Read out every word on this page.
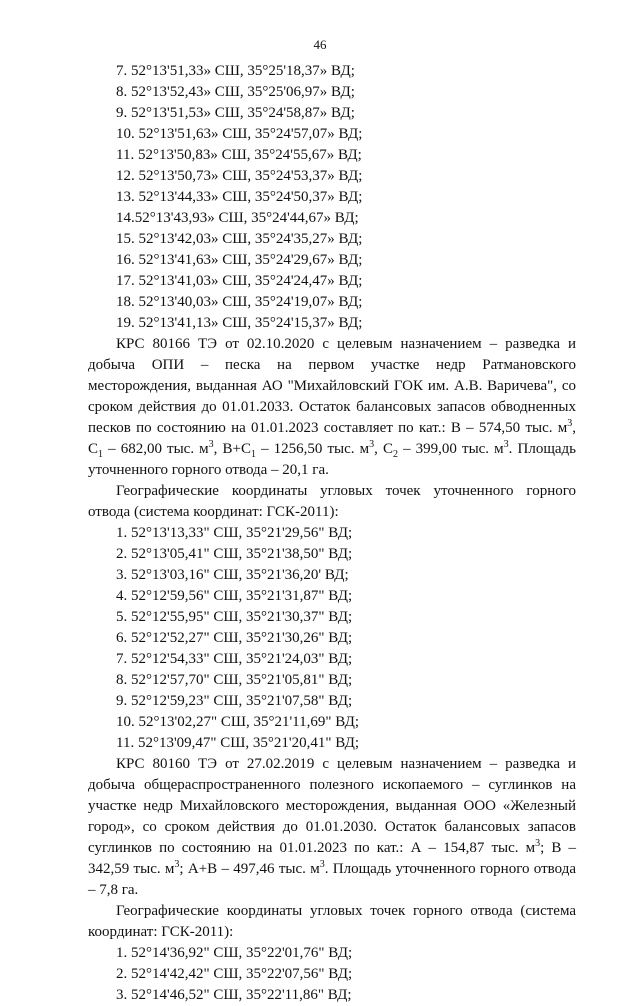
46
7. 52°13'51,33» СШ, 35°25'18,37» ВД;
8. 52°13'52,43» СШ, 35°25'06,97» ВД;
9. 52°13'51,53» СШ, 35°24'58,87» ВД;
10. 52°13'51,63» СШ, 35°24'57,07» ВД;
11. 52°13'50,83» СШ, 35°24'55,67» ВД;
12. 52°13'50,73» СШ, 35°24'53,37» ВД;
13. 52°13'44,33» СШ, 35°24'50,37» ВД;
14.52°13'43,93» СШ, 35°24'44,67» ВД;
15. 52°13'42,03» СШ, 35°24'35,27» ВД;
16. 52°13'41,63» СШ, 35°24'29,67» ВД;
17. 52°13'41,03» СШ, 35°24'24,47» ВД;
18. 52°13'40,03» СШ, 35°24'19,07» ВД;
19. 52°13'41,13» СШ, 35°24'15,37» ВД;
КРС 80166 ТЭ от 02.10.2020 с целевым назначением – разведка и добыча ОПИ – песка на первом участке недр Ратмановского месторождения, выданная АО "Михайловский ГОК им. А.В. Варичева", со сроком действия до 01.01.2033. Остаток балансовых запасов обводненных песков по состоянию на 01.01.2023 составляет по кат.: В – 574,50 тыс. $м^3$, $С_1 - 682,00$ тыс. $м^3$, $В+С_1 - 1256,50$ тыс. $м^3$, $С_2 - 399,00$ тыс. $м^3$. Площадь уточненного горного отвода – 20,1 га.
Географические координаты угловых точек уточненного горного отвода (система координат: ГСК-2011):
1. 52°13'13,33" СШ, 35°21'29,56" ВД;
2. 52°13'05,41" СШ, 35°21'38,50" ВД;
3. 52°13'03,16" СШ, 35°21'36,20' ВД;
4. 52°12'59,56" СШ, 35°21'31,87" ВД;
5. 52°12'55,95" СШ, 35°21'30,37" ВД;
6. 52°12'52,27" СШ, 35°21'30,26" ВД;
7. 52°12'54,33" СШ, 35°21'24,03" ВД;
8. 52°12'57,70" СШ, 35°21'05,81" ВД;
9. 52°12'59,23" СШ, 35°21'07,58" ВД;
10. 52°13'02,27" СШ, 35°21'11,69" ВД;
11. 52°13'09,47" СШ, 35°21'20,41" ВД;
КРС 80160 ТЭ от 27.02.2019 с целевым назначением – разведка и добыча общераспространенного полезного ископаемого – суглинков на участке недр Михайловского месторождения, выданная ООО «Железный город», со сроком действия до 01.01.2030. Остаток балансовых запасов суглинков по состоянию на 01.01.2023 по кат.: А – 154,87 тыс. $м^3$; В – 342,59 тыс. $м^3$; А+В – 497,46 тыс. $м^3$. Площадь уточненного горного отвода – 7,8 га.
Географические координаты угловых точек горного отвода (система координат: ГСК-2011):
1. 52°14'36,92" СШ, 35°22'01,76" ВД;
2. 52°14'42,42" СШ, 35°22'07,56" ВД;
3. 52°14'46,52" СШ, 35°22'11,86" ВД;
